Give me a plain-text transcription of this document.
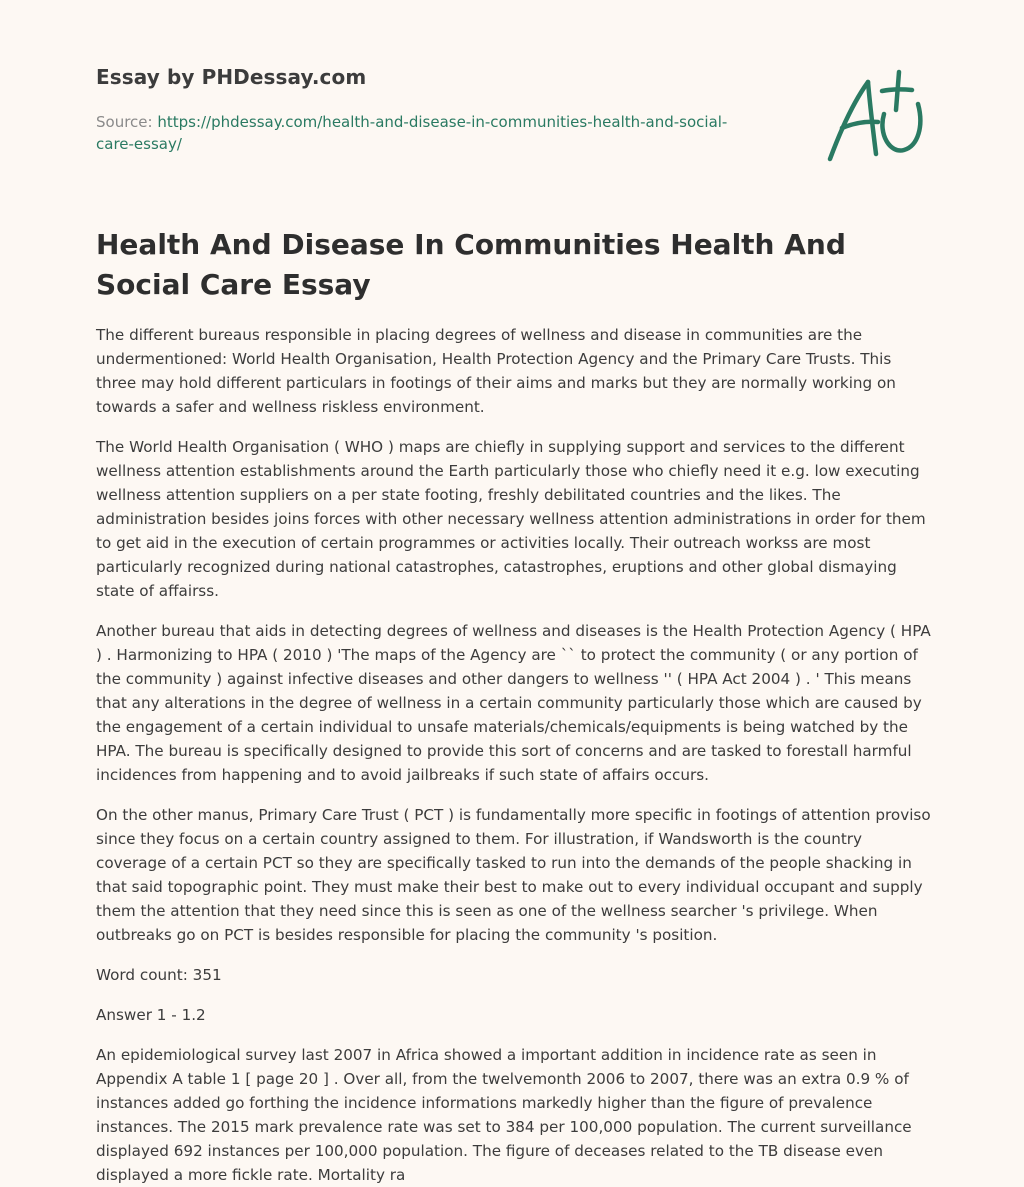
Essay by PHDessay.com
Source: https://phdessay.com/health-and-disease-in-communities-health-and-social-care-essay/
Health And Disease In Communities Health And Social Care Essay

The different bureaus responsible in placing degrees of wellness and disease in communities are the undermentioned: World Health Organisation, Health Protection Agency and the Primary Care Trusts. This three may hold different particulars in footings of their aims and marks but they are normally working on towards a safer and wellness riskless environment.

The World Health Organisation ( WHO ) maps are chiefly in supplying support and services to the different wellness attention establishments around the Earth particularly those who chiefly need it e.g. low executing wellness attention suppliers on a per state footing, freshly debilitated countries and the likes. The administration besides joins forces with other necessary wellness attention administrations in order for them to get aid in the execution of certain programmes or activities locally. Their outreach workss are most particularly recognized during national catastrophes, catastrophes, eruptions and other global dismaying state of affairss.

Another bureau that aids in detecting degrees of wellness and diseases is the Health Protection Agency ( HPA ) . Harmonizing to HPA ( 2010 ) 'The maps of the Agency are `` to protect the community ( or any portion of the community ) against infective diseases and other dangers to wellness '' ( HPA Act 2004 ) . ' This means that any alterations in the degree of wellness in a certain community particularly those which are caused by the engagement of a certain individual to unsafe materials/chemicals/equipments is being watched by the HPA. The bureau is specifically designed to provide this sort of concerns and are tasked to forestall harmful incidences from happening and to avoid jailbreaks if such state of affairs occurs.

On the other manus, Primary Care Trust ( PCT ) is fundamentally more specific in footings of attention proviso since they focus on a certain country assigned to them. For illustration, if Wandsworth is the country coverage of a certain PCT so they are specifically tasked to run into the demands of the people shacking in that said topographic point. They must make their best to make out to every individual occupant and supply them the attention that they need since this is seen as one of the wellness searcher 's privilege. When outbreaks go on PCT is besides responsible for placing the community 's position.

Word count: 351

Answer 1 - 1.2

An epidemiological survey last 2007 in Africa showed a important addition in incidence rate as seen in Appendix A table 1 [ page 20 ] . Over all, from the twelvemonth 2006 to 2007, there was an extra 0.9 % of instances added go forthing the incidence informations markedly higher than the figure of prevalence instances. The 2015 mark prevalence rate was set to 384 per 100,000 population. The current surveillance displayed 692 instances per 100,000 population. The figure of deceases related to the TB disease even displayed a more fickle rate. Mortality ra
